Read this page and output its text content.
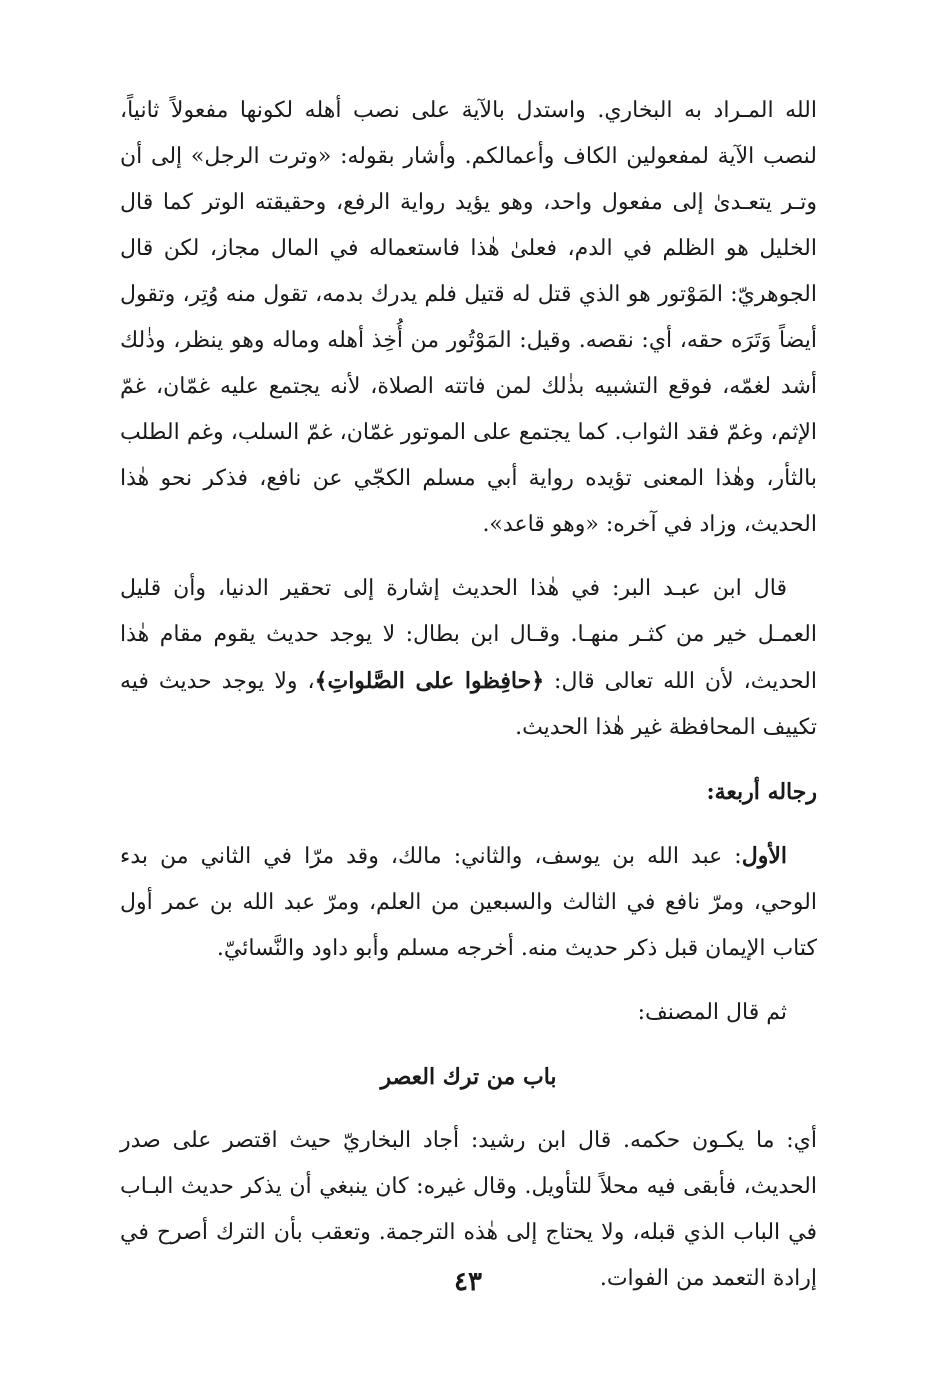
الله المـراد به البخاري. واستدل بالآية على نصب أهله لكونها مفعولاً ثانياً، لنصب الآية لمفعولين الكاف وأعمالكم. وأشار بقوله: «وترت الرجل» إلى أن وتـر يتعـدىٰ إلى مفعول واحد، وهو يؤيد رواية الرفع، وحقيقته الوتر كما قال الخليل هو الظلم في الدم، فعلىٰ هٰذا فاستعماله في المال مجاز، لكن قال الجوهريّ: المَوْتور هو الذي قتل له قتيل فلم يدرك بدمه، تقول منه وُتِر، وتقول أيضاً وَتَرَه حقه، أي: نقصه. وقيل: المَوْتُور من أُخِذ أهله وماله وهو ينظر، وذٰلك أشد لغمّه، فوقع التشبيه بذٰلك لمن فاتته الصلاة، لأنه يجتمع عليه غمّان، غمّ الإثم، وغمّ فقد الثواب. كما يجتمع على الموتور غمّان، غمّ السلب، وغم الطلب بالثأر، وهٰذا المعنى تؤيده رواية أبي مسلم الكجّي عن نافع، فذكر نحو هٰذا الحديث، وزاد في آخره: «وهو قاعد».

قال ابن عبـد البر: في هٰذا الحديث إشارة إلى تحقير الدنيا، وأن قليل العمـل خير من كثـر منهـا. وقـال ابن بطال: لا يوجد حديث يقوم مقام هٰذا الحديث، لأن الله تعالى قال: ﴿حافِظوا على الصَّلواتِ﴾، ولا يوجد حديث فيه تكييف المحافظة غير هٰذا الحديث.

رجاله أربعة:

الأول: عبد الله بن يوسف، والثاني: مالك، وقد مرّا في الثاني من بدء الوحي، ومرّ نافع في الثالث والسبعين من العلم، ومرّ عبد الله بن عمر أول كتاب الإيمان قبل ذكر حديث منه. أخرجه مسلم وأبو داود والنَّسائيّ.

ثم قال المصنف:

باب من ترك العصر

أي: ما يكـون حكمه. قال ابن رشيد: أجاد البخاريّ حيث اقتصر على صدر الحديث، فأبقى فيه محلاً للتأويل. وقال غيره: كان ينبغي أن يذكر حديث البـاب في الباب الذي قبله، ولا يحتاج إلى هٰذه الترجمة. وتعقب بأن الترك أصرح في إرادة التعمد من الفوات.

٤٣
